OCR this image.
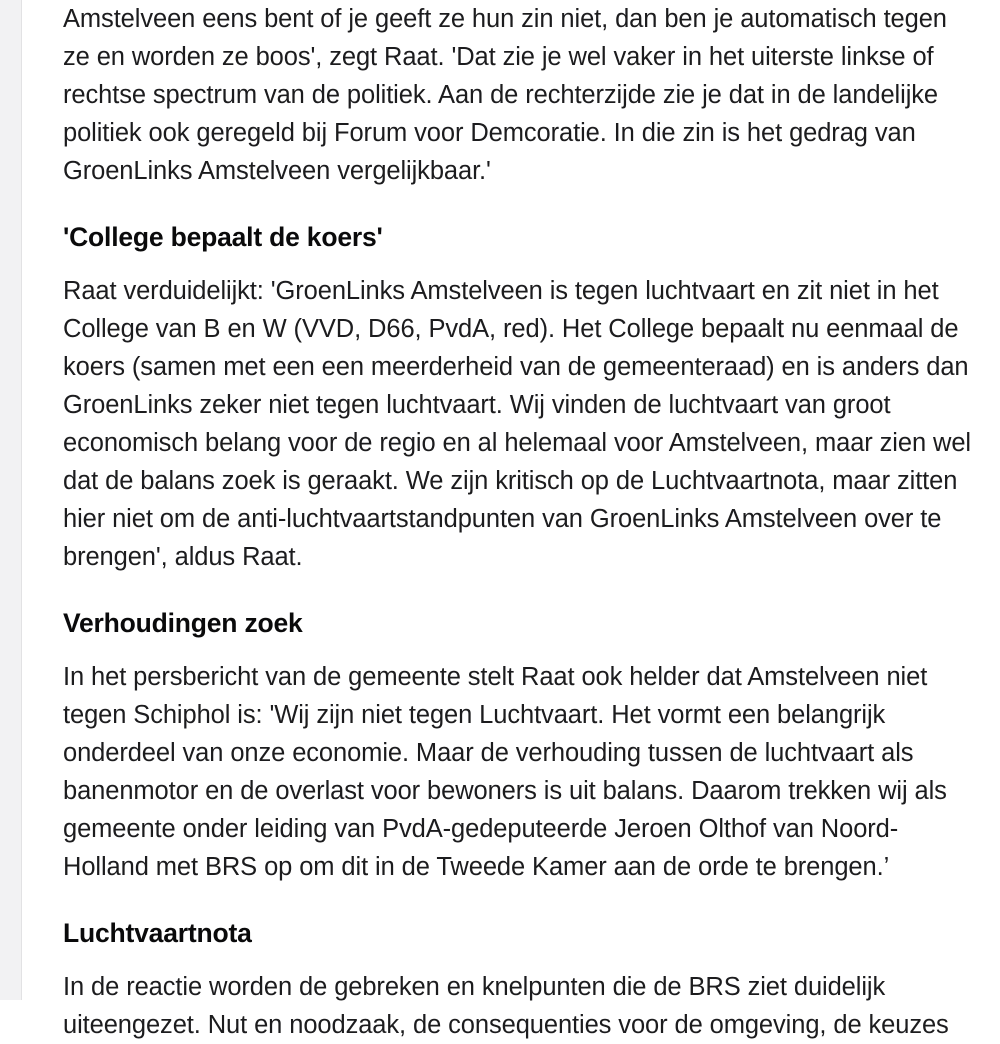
Amstelveen eens bent of je geeft ze hun zin niet, dan ben je automatisch tegen ze en worden ze boos', zegt Raat. 'Dat zie je wel vaker in het uiterste linkse of rechtse spectrum van de politiek. Aan de rechterzijde zie je dat in de landelijke politiek ook geregeld bij Forum voor Demcoratie. In die zin is het gedrag van GroenLinks Amstelveen vergelijkbaar.'

'College bepaalt de koers'

Raat verduidelijkt: 'GroenLinks Amstelveen is tegen luchtvaart en zit niet in het College van B en W (VVD, D66, PvdA, red). Het College bepaalt nu eenmaal de koers (samen met een een meerderheid van de gemeenteraad) en is anders dan GroenLinks zeker niet tegen luchtvaart. Wij vinden de luchtvaart van groot economisch belang voor de regio en al helemaal voor Amstelveen, maar zien wel dat de balans zoek is geraakt. We zijn kritisch op de Luchtvaartnota, maar zitten hier niet om de anti-luchtvaartstandpunten van GroenLinks Amstelveen over te brengen', aldus Raat.

Verhoudingen zoek

In het persbericht van de gemeente stelt Raat ook helder dat Amstelveen niet tegen Schiphol is: 'Wij zijn niet tegen Luchtvaart. Het vormt een belangrijk onderdeel van onze economie. Maar de verhouding tussen de luchtvaart als banenmotor en de overlast voor bewoners is uit balans. Daarom trekken wij als gemeente onder leiding van PvdA-gedeputeerde Jeroen Olthof van Noord-Holland met BRS op om dit in de Tweede Kamer aan de orde te brengen.’

Luchtvaartnota

In de reactie worden de gebreken en knelpunten die de BRS ziet duidelijk uiteengezet. Nut en noodzaak, de consequenties voor de omgeving, de keuzes
